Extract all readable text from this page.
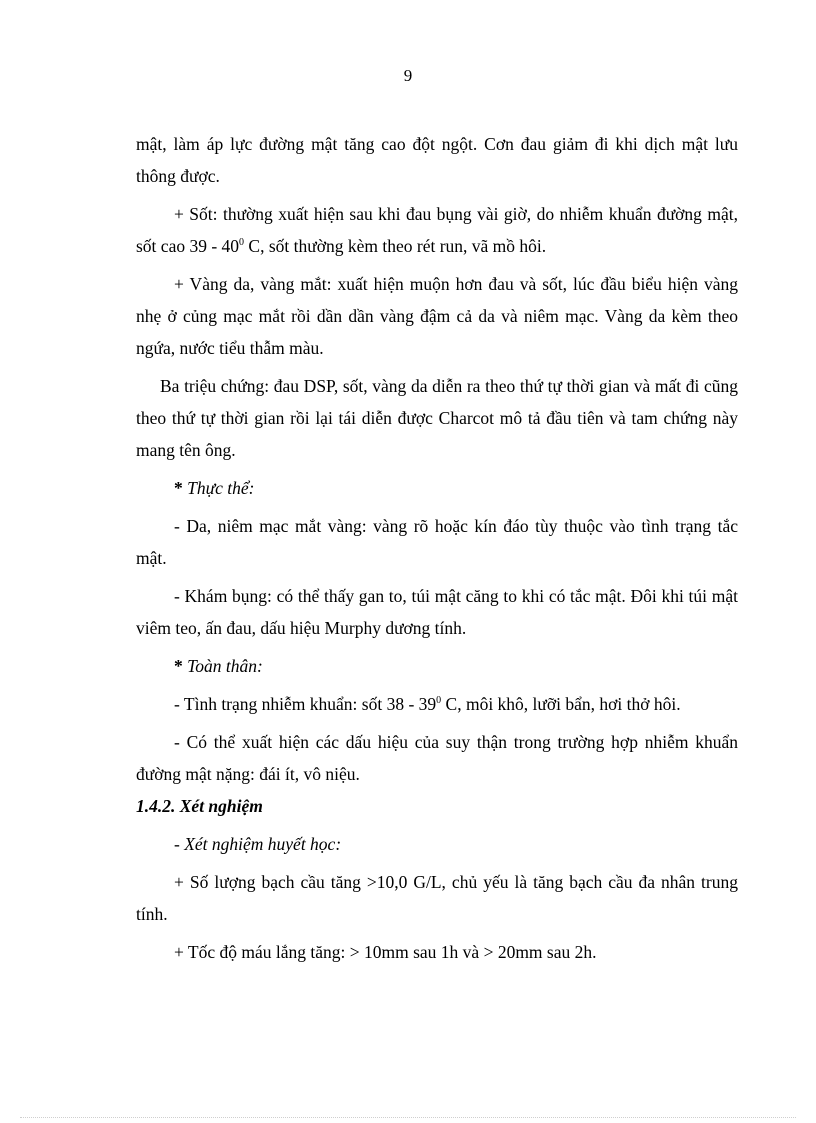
9

mật, làm áp lực đường mật tăng cao đột ngột. Cơn đau giảm đi khi dịch mật lưu thông được.

+ Sốt: thường xuất hiện sau khi đau bụng vài giờ, do nhiễm khuẩn đường mật, sốt cao $39 - 40^0$ C, sốt thường kèm theo rét run, vã mồ hôi.

+ Vàng da, vàng mắt: xuất hiện muộn hơn đau và sốt, lúc đầu biểu hiện vàng nhẹ ở củng mạc mắt rồi dần dần vàng đậm cả da và niêm mạc. Vàng da kèm theo ngứa, nước tiểu thẫm màu.

Ba triệu chứng: đau DSP, sốt, vàng da diễn ra theo thứ tự thời gian và mất đi cũng theo thứ tự thời gian rồi lại tái diễn được Charcot mô tả đầu tiên và tam chứng này mang tên ông.

* Thực thể:

- Da, niêm mạc mắt vàng: vàng rõ hoặc kín đáo tùy thuộc vào tình trạng tắc mật.

- Khám bụng: có thể thấy gan to, túi mật căng to khi có tắc mật. Đôi khi túi mật viêm teo, ấn đau, dấu hiệu Murphy dương tính.

* Toàn thân:

- Tình trạng nhiễm khuẩn: sốt $38 - 39^0$ C, môi khô, lưỡi bẩn, hơi thở hôi.

- Có thể xuất hiện các dấu hiệu của suy thận trong trường hợp nhiễm khuẩn đường mật nặng: đái ít, vô niệu.

1.4.2. Xét nghiệm

- Xét nghiệm huyết học:

+ Số lượng bạch cầu tăng >10,0 G/L, chủ yếu là tăng bạch cầu đa nhân trung tính.

+ Tốc độ máu lắng tăng: > 10mm sau 1h và > 20mm sau 2h.
